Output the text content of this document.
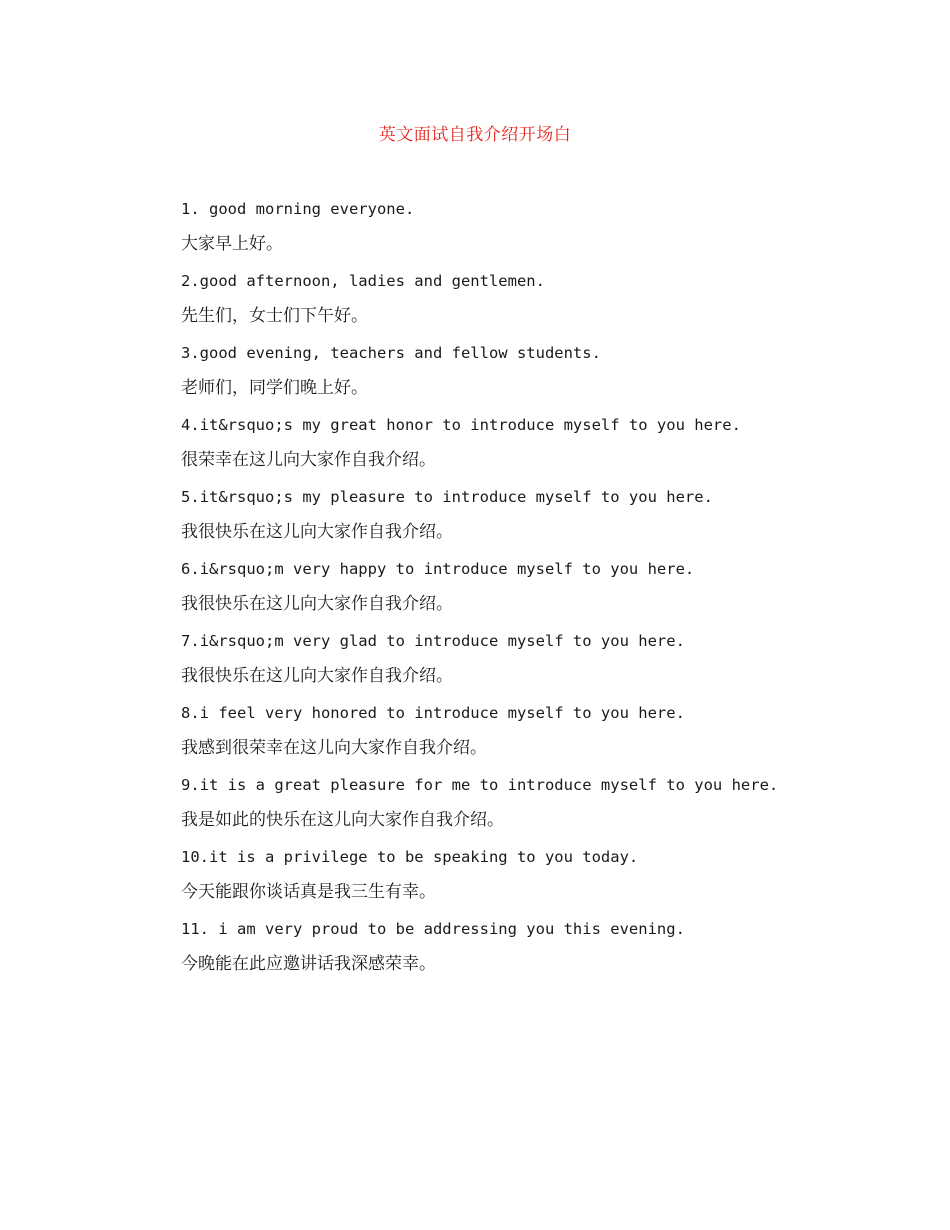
英文面试自我介绍开场白
1. good morning everyone.
大家早上好。
2.good afternoon, ladies and gentlemen.
先生们，女士们下午好。
3.good evening, teachers and fellow students.
老师们，同学们晚上好。
4.it&rsquo;s my great honor to introduce myself to you here.
很荣幸在这儿向大家作自我介绍。
5.it&rsquo;s my pleasure to introduce myself to you here.
我很快乐在这儿向大家作自我介绍。
6.i&rsquo;m very happy to introduce myself to you here.
我很快乐在这儿向大家作自我介绍。
7.i&rsquo;m very glad to introduce myself to you here.
我很快乐在这儿向大家作自我介绍。
8.i feel very honored to introduce myself to you here.
我感到很荣幸在这儿向大家作自我介绍。
9.it is a great pleasure for me to introduce myself to you here.
我是如此的快乐在这儿向大家作自我介绍。
10.it is a privilege to be speaking to you today.
今天能跟你谈话真是我三生有幸。
11. i am very proud to be addressing you this evening.
今晚能在此应邀讲话我深感荣幸。
